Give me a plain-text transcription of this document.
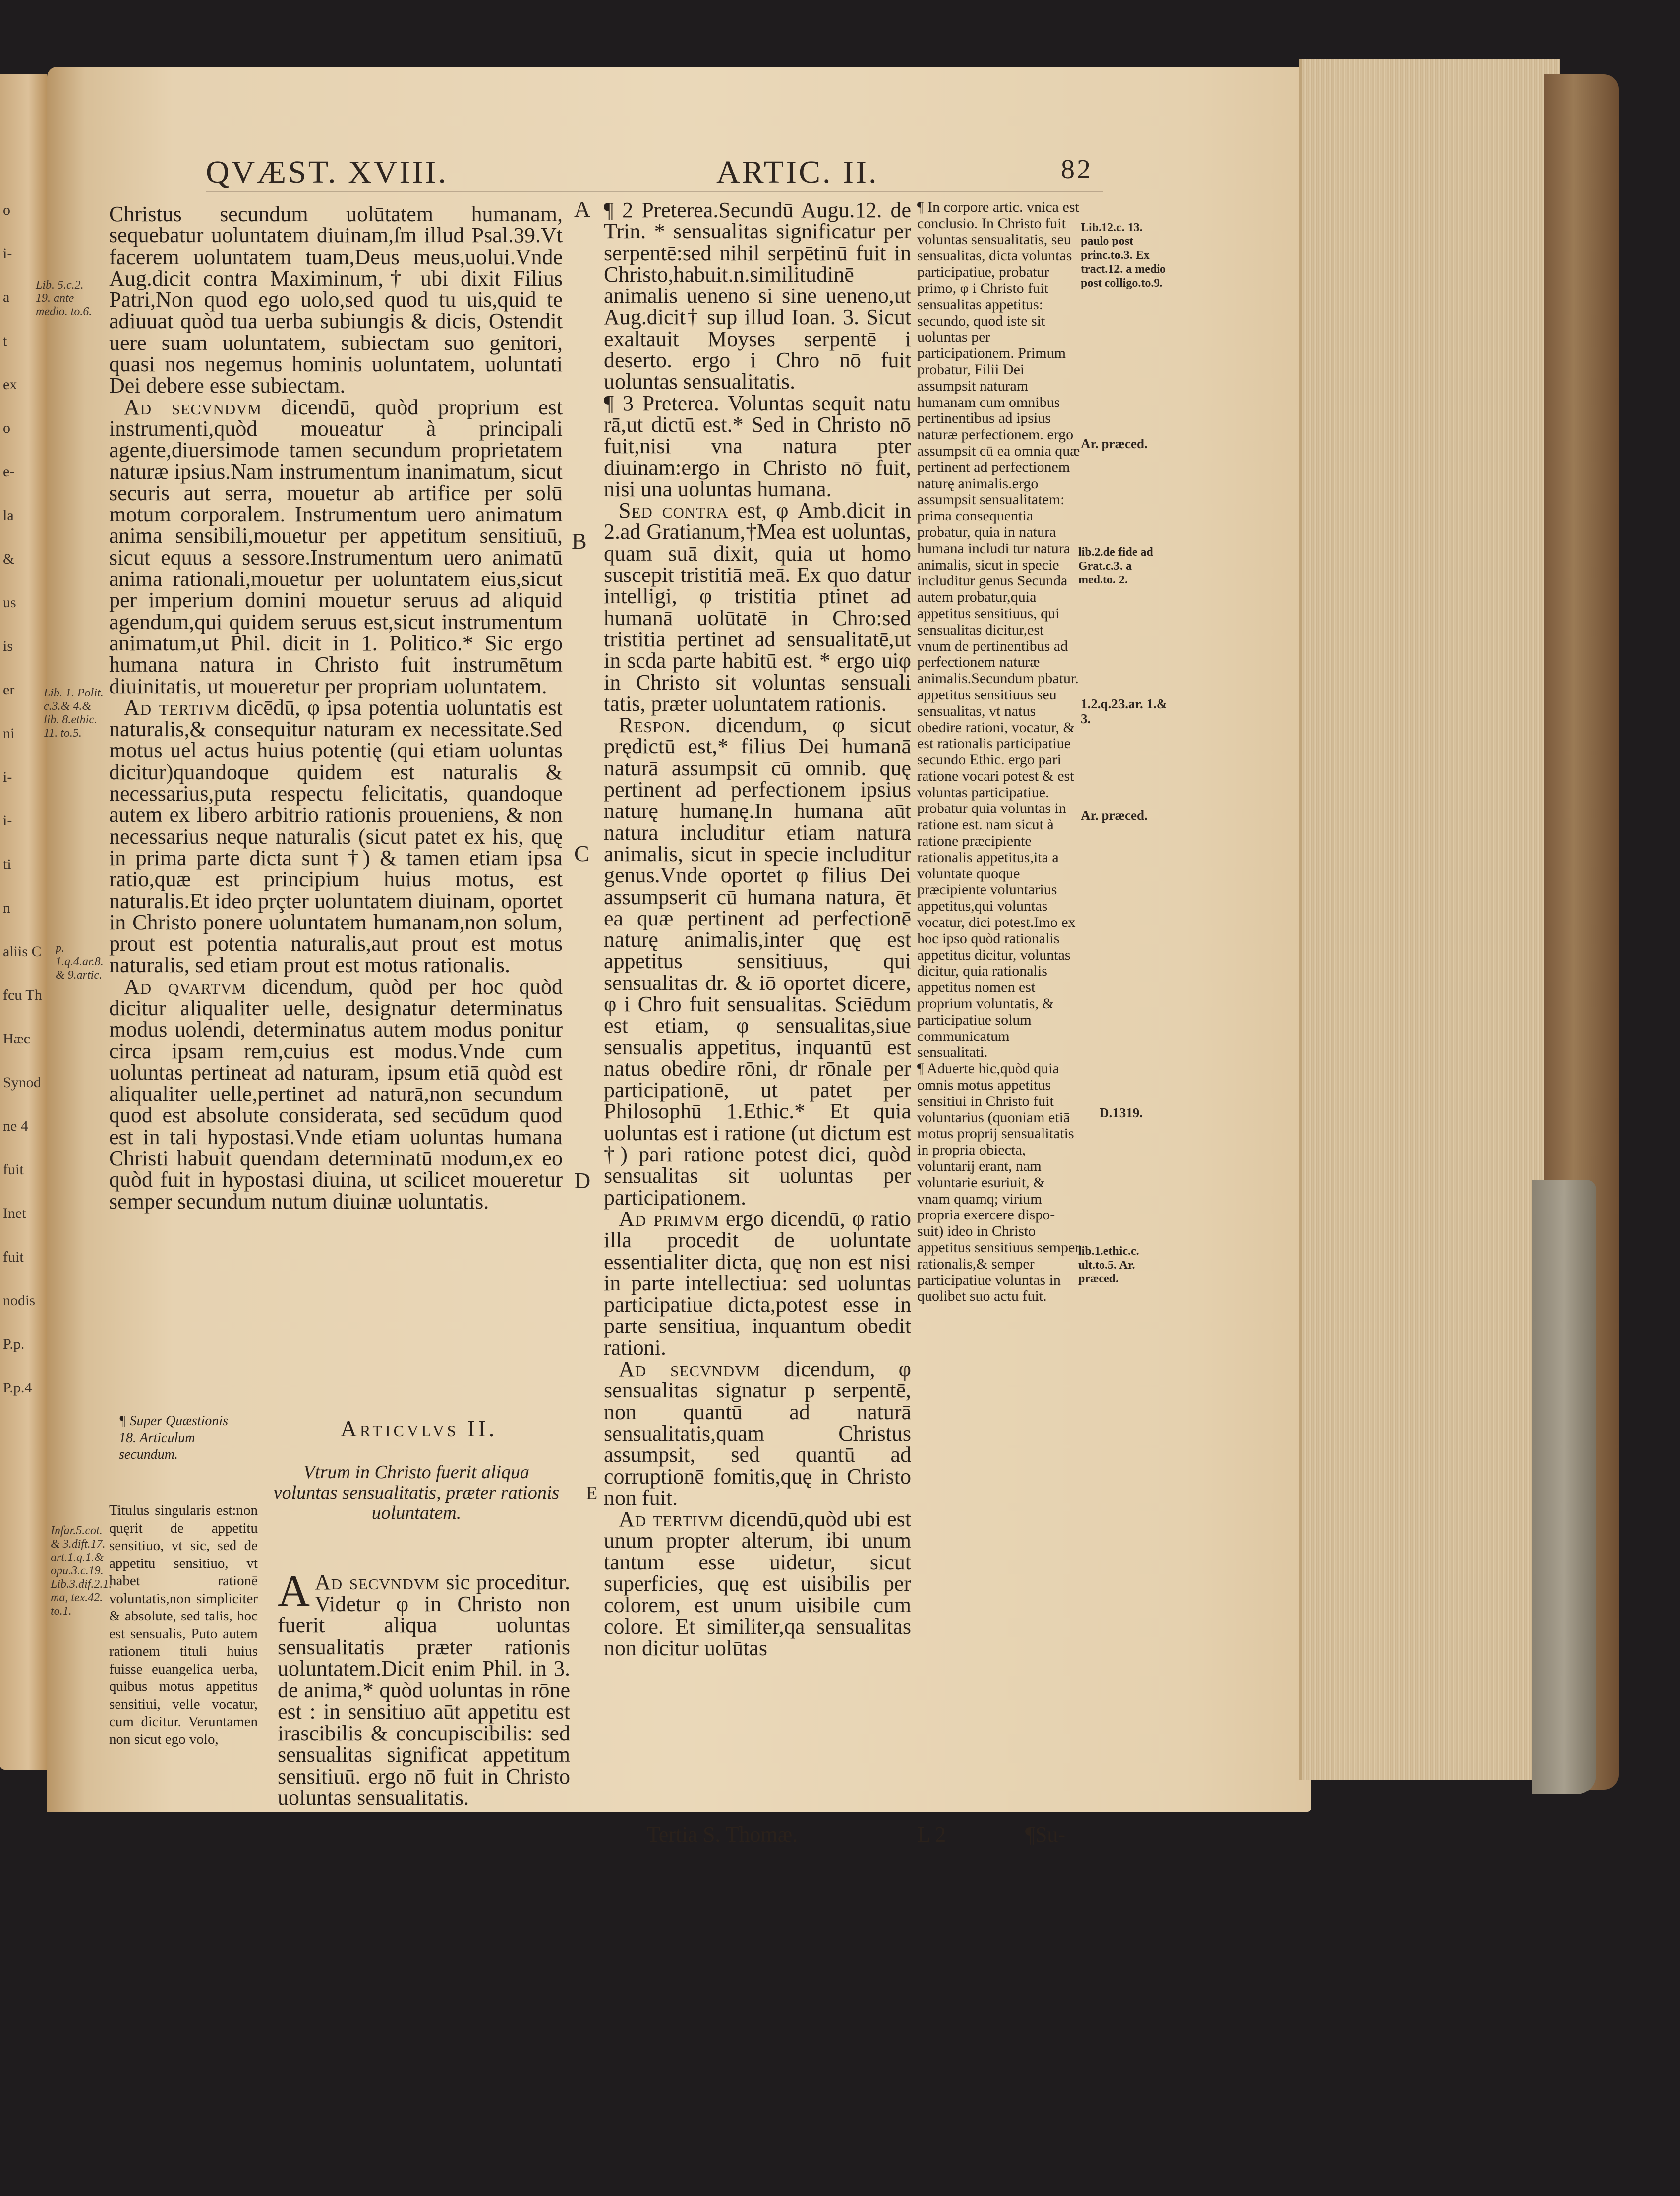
o
i-
a
t
ex
o
e-
la
&
us
is
er
ni
i-
i-
ti
n
aliis C
fcu Th
Hæc
Synod
ne 4
fuit
Inet
fuit
nodis
P.p.
P.p.4
QVÆST. XVIII.	ARTIC. II.	82
Lib. 5.c.2. 19. ante medio. to.6.
Lib. 1. Polit. c.3.& 4.& lib. 8.ethic. 11. to.5.
p. 1.q.4.ar.8. & 9.artic.
Infar.5.cot. & 3.dift.17. art.1.q.1.& opu.3.c.19. Lib.3.dif.2.1. ma, tex.42. to.1.

Christus secundum uolūtatem humanam, sequebatur uoluntatem diuinam,ſm illud Psal.39.Vt facerem uoluntatem tuam,Deus meus,uolui.Vnde Aug.dicit contra Maximinum,† ubi dixit Filius Patri,Non quod ego uolo,sed quod tu uis,quid te adiuuat quòd tua uerba subiungis & dicis, Ostendit uere suam uoluntatem, subiectam suo genitori, quasi nos negemus hominis uoluntatem, uoluntati Dei debere esse subiectam.

Ad secvndvm dicendū, quòd proprium est instrumenti,quòd moueatur à principali agente,diuersimode tamen secundum proprietatem naturæ ipsius.Nam instrumentum inanimatum, sicut securis aut serra, mouetur ab artifice per solū motum corporalem. Instrumentum uero animatum anima sensibili,mouetur per appetitum sensitiuū, sicut equus a sessore.Instrumentum uero animatū anima rationali,mouetur per uoluntatem eius,sicut per imperium domini mouetur seruus ad aliquid agendum,qui quidem seruus est,sicut instrumentum animatum,ut Phil. dicit in 1. Politico.* Sic ergo humana natura in Christo fuit instrumētum diuinitatis, ut moueretur per propriam uoluntatem.

Ad tertivm dicēdū, φ ipsa potentia uoluntatis est naturalis,& consequitur naturam ex necessitate.Sed motus uel actus huius potentię (qui etiam uoluntas dicitur)quandoque quidem est naturalis & necessarius,puta respectu felicitatis, quandoque autem ex libero arbitrio rationis proueniens, & non necessarius neque naturalis (sicut patet ex his, quę in prima parte dicta sunt †) & tamen etiam ipsa ratio,quæ est principium huius motus, est naturalis.Et ideo prçter uoluntatem diuinam, oportet in Christo ponere uoluntatem humanam,non solum, prout est potentia naturalis,aut prout est motus naturalis, sed etiam prout est motus rationalis.

Ad qvartvm dicendum, quòd per hoc quòd dicitur aliqualiter uelle, designatur determinatus modus uolendi, determinatus autem modus ponitur circa ipsam rem,cuius est modus.Vnde cum uoluntas pertineat ad naturam, ipsum etiā quòd est aliqualiter uelle,pertinet ad naturā,non secundum quod est absolute considerata, sed secūdum quod est in tali hypostasi.Vnde etiam uoluntas humana Christi habuit quendam determinatū modum,ex eo quòd fuit in hypostasi diuina, ut scilicet moueretur semper secundum nutum diuinæ uoluntatis.

¶ Super Quæstionis 18. Articulum secundum.

Titulus singularis est:non quęrit de appetitu sensitiuo, vt sic, sed de appetitu sensitiuo, vt habet rationē voluntatis,non simpliciter & absolute, sed talis, hoc est sensualis, Puto autem rationem tituli huius fuisse euangelica uerba, quibus motus appetitus sensitiui, velle vocatur, cum dicitur. Veruntamen non sicut ego volo,

Articvlvs II.
Vtrum in Christo fuerit aliqua voluntas sensualitatis, præter rationis uoluntatem.

A Ad secvndvm sic proceditur. Videtur φ in Christo non fuerit aliqua uoluntas sensualitatis præter rationis uoluntatem.Dicit enim Phil. in 3. de anima,* quòd uoluntas in rōne est : in sensitiuo aūt appetitu est irascibilis & concupiscibilis: sed sensualitas significat appetitum sensitiuū. ergo nō fuit in Christo uoluntas sensualitatis.

A
B
C
D
E

¶ 2 Preterea.Secundū Augu.12. de Trin. * sensualitas significatur per serpentē:sed nihil serpētinū fuit in Christo,habuit.n.similitudinē animalis ueneno si sine ueneno,ut Aug.dicit† sup illud Ioan. 3. Sicut exaltauit Moyses serpentē i deserto. ergo i Chro nō fuit uoluntas sensualitatis.

¶ 3 Preterea. Voluntas sequit natu rā,ut dictū est.* Sed in Christo nō fuit,nisi vna natura pter diuinam:ergo in Christo nō fuit, nisi una uoluntas humana.

Sed contra est, φ Amb.dicit in 2.ad Gratianum,†Mea est uoluntas, quam suā dixit, quia ut homo suscepit tristitiā meā. Ex quo datur intelligi, φ tristitia ptinet ad humanā uolūtatē in Chro:sed tristitia pertinet ad sensualitatē,ut in scda parte habitū est. * ergo uiφ in Christo sit voluntas sensuali tatis, præter uoluntatem rationis.

Respon. dicendum, φ sicut prędictū est,* filius Dei humanā naturā assumpsit cū omnib. quę pertinent ad perfectionem ipsius naturę humanę.In humana aūt natura includitur etiam natura animalis, sicut in specie includitur genus.Vnde oportet φ filius Dei assumpserit cū humana natura, ēt ea quæ pertinent ad perfectionē naturę animalis,inter quę est appetitus sensitiuus, qui sensualitas dr. & iō oportet dicere, φ i Chro fuit sensualitas. Sciēdum est etiam, φ sensualitas,siue sensualis appetitus, inquantū est natus obedire rōni, dr rōnale per participationē, ut patet per Philosophū 1.Ethic.* Et quia uoluntas est i ratione (ut dictum est †) pari ratione potest dici, quòd sensualitas sit uoluntas per participationem.

Ad primvm ergo dicendū, φ ratio illa procedit de uoluntate essentialiter dicta, quę non est nisi in parte intellectiua: sed uoluntas participatiue dicta,potest esse in parte sensitiua, inquantum obedit rationi.

Ad secvndvm dicendum, φ sensualitas signatur p serpentē, non quantū ad naturā sensualitatis,quam Christus assumpsit, sed quantū ad corruptionē fomitis,quę in Christo non fuit.

Ad tertivm dicendū,quòd ubi est unum propter alterum, ibi unum tantum esse uidetur, sicut superficies, quę est uisibilis per colorem, est unum uisibile cum colore. Et similiter,qa sensualitas non dicitur uolūtas

¶ In corpore artic. vnica est conclusio. In Christo fuit voluntas sensualitatis, seu sensualitas, dicta voluntas participatiue, probatur primo, φ i Christo fuit sensualitas appetitus: secundo, quod iste sit uoluntas per participationem. Primum probatur, Filii Dei assumpsit naturam humanam cum omnibus pertinentibus ad ipsius naturæ perfectionem. ergo assumpsit cū ea omnia quæ pertinent ad perfectionem naturę animalis.ergo assumpsit sensualitatem: prima consequentia probatur, quia in natura humana includi tur natura animalis, sicut in specie includitur genus Secunda autem probatur,quia appetitus sensitiuus, qui sensualitas dicitur,est vnum de pertinentibus ad perfectionem naturæ animalis.Secundum pbatur. appetitus sensitiuus seu sensualitas, vt natus obedire rationi, vocatur, & est rationalis participatiue secundo Ethic. ergo pari ratione vocari potest & est voluntas participatiue. probatur quia voluntas in ratione est. nam sicut à ratione præcipiente rationalis appetitus,ita a voluntate quoque præcipiente voluntarius appetitus,qui voluntas vocatur, dici potest.Imo ex hoc ipso quòd rationalis appetitus dicitur, voluntas dicitur, quia rationalis appetitus nomen est proprium voluntatis, & participatiue solum communicatum sensualitati.

¶ Aduerte hic,quòd quia omnis motus appetitus sensitiui in Christo fuit voluntarius (quoniam etiā motus proprij sensualitatis in propria obiecta, voluntarij erant, nam voluntarie esuriuit, & vnam quamq; virium propria exercere dispo- suit) ideo in Christo appetitus sensitiuus semper rationalis,& semper participatiue voluntas in quolibet suo actu fuit.

Lib.12.c. 13. paulo post princ.to.3. Ex tract.12. a medio post colligo.to.9.
Ar. præced.
lib.2.de fide ad Grat.c.3. a med.to. 2.
1.2.q.23.ar. 1.& 3.
Ar. præced.
D.1319.
lib.1.ethic.c. ult.to.5. Ar. præced.
Tertia S. Thomæ.	L 2	¶Su-
